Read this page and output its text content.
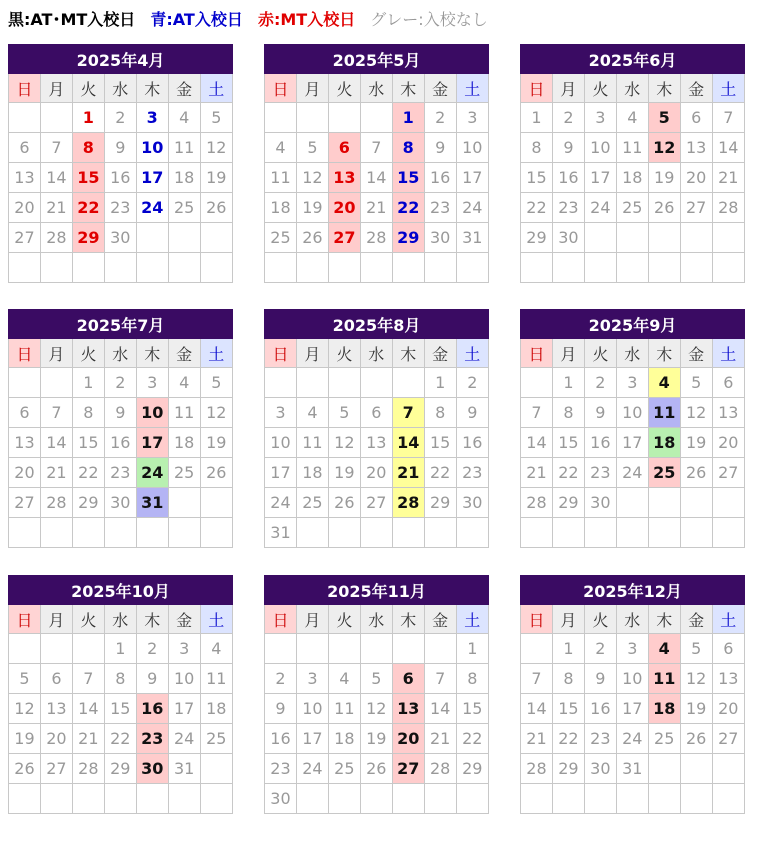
黒:AT･MT入校日 青:AT入校日 赤:MT入校日 グレー:入校なし
2025年4月						
日	月	火	水	木	金	土
		1	2	3	4	5
6	7	8	9	10	11	12
13	14	15	16	17	18	19
20	21	22	23	24	25	26
27	28	29	30			

2025年5月						
日	月	火	水	木	金	土
				1	2	3
4	5	6	7	8	9	10
11	12	13	14	15	16	17
18	19	20	21	22	23	24
25	26	27	28	29	30	31

2025年6月						
日	月	火	水	木	金	土
1	2	3	4	5	6	7
8	9	10	11	12	13	14
15	16	17	18	19	20	21
22	23	24	25	26	27	28
29	30					

2025年7月						
日	月	火	水	木	金	土
		1	2	3	4	5
6	7	8	9	10	11	12
13	14	15	16	17	18	19
20	21	22	23	24	25	26
27	28	29	30	31		

2025年8月						
日	月	火	水	木	金	土
					1	2
3	4	5	6	7	8	9
10	11	12	13	14	15	16
17	18	19	20	21	22	23
24	25	26	27	28	29	30
31						
2025年9月						
日	月	火	水	木	金	土
	1	2	3	4	5	6
7	8	9	10	11	12	13
14	15	16	17	18	19	20
21	22	23	24	25	26	27
28	29	30				

2025年10月						
日	月	火	水	木	金	土
			1	2	3	4
5	6	7	8	9	10	11
12	13	14	15	16	17	18
19	20	21	22	23	24	25
26	27	28	29	30	31	

2025年11月						
日	月	火	水	木	金	土
						1
2	3	4	5	6	7	8
9	10	11	12	13	14	15
16	17	18	19	20	21	22
23	24	25	26	27	28	29
30						
2025年12月						
日	月	火	水	木	金	土
	1	2	3	4	5	6
7	8	9	10	11	12	13
14	15	16	17	18	19	20
21	22	23	24	25	26	27
28	29	30	31			
